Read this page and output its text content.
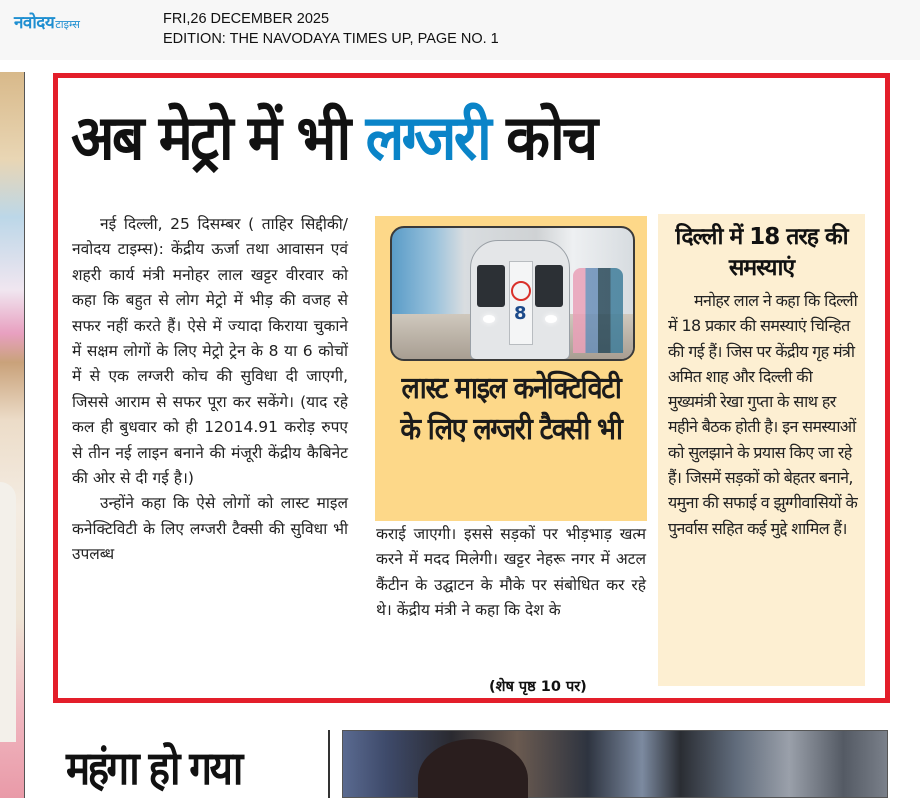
नवोदय टाइम्स	FRI,26 DECEMBER 2025
EDITION: THE NAVODAYA TIMES UP, PAGE NO. 1
अब मेट्रो में भी लग्जरी कोच

नई दिल्ली, 25 दिसम्बर ( ताहिर सिद्दीकी/नवोदय टाइम्स): केंद्रीय ऊर्जा तथा आवासन एवं शहरी कार्य मंत्री मनोहर लाल खट्टर वीरवार को कहा कि बहुत से लोग मेट्रो में भीड़ की वजह से सफर नहीं करते हैं। ऐसे में ज्यादा किराया चुकाने में सक्षम लोगों के लिए मेट्रो ट्रेन के 8 या 6 कोचों में से एक लग्जरी कोच की सुविधा दी जाएगी, जिससे आराम से सफर पूरा कर सकेंगे। (याद रहे कल ही बुधवार को ही 12014.91 करोड़ रुपए से तीन नई लाइन बनाने की मंजूरी केंद्रीय कैबिनेट की ओर से दी गई है।)

उन्होंने कहा कि ऐसे लोगों को लास्ट माइल कनेक्टिविटी के लिए लग्जरी टैक्सी की सुविधा भी उपलब्ध

8
लास्ट माइल कनेक्टिविटी के लिए लग्जरी टैक्सी भी

कराई जाएगी। इससे सड़कों पर भीड़भाड़ खत्म करने में मदद मिलेगी। खट्टर नेहरू नगर में अटल कैंटीन के उद्घाटन के मौके पर संबोधित कर रहे थे। केंद्रीय मंत्री ने कहा कि देश के

(शेष पृष्ठ 10 पर)
दिल्ली में 18 तरह की समस्याएं
मनोहर लाल ने कहा कि दिल्ली में 18 प्रकार की समस्याएं चिन्हित की गई हैं। जिस पर केंद्रीय गृह मंत्री अमित शाह और दिल्ली की मुख्यमंत्री रेखा गुप्ता के साथ हर महीने बैठक होती है। इन समस्याओं को सुलझाने के प्रयास किए जा रहे हैं। जिसमें सड़कों को बेहतर बनाने, यमुना की सफाई व झुग्गीवासियों के पुनर्वास सहित कई मुद्दे शामिल हैं।
महंगा हो गया
